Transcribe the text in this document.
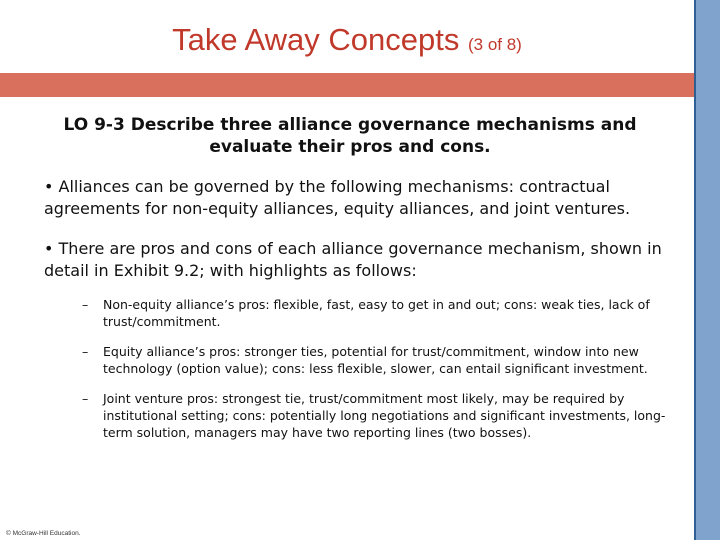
Take Away Concepts (3 of 8)
LO 9-3 Describe three alliance governance mechanisms and evaluate their pros and cons.
• Alliances can be governed by the following mechanisms: contractual agreements for non-equity alliances, equity alliances, and joint ventures.
• There are pros and cons of each alliance governance mechanism, shown in detail in Exhibit 9.2; with highlights as follows:
– Non-equity alliance’s pros: flexible, fast, easy to get in and out; cons: weak ties, lack of trust/commitment.
– Equity alliance’s pros: stronger ties, potential for trust/commitment, window into new technology (option value); cons: less flexible, slower, can entail significant investment.
– Joint venture pros: strongest tie, trust/commitment most likely, may be required by institutional setting; cons: potentially long negotiations and significant investments, long-term solution, managers may have two reporting lines (two bosses).
© McGraw-Hill Education.
